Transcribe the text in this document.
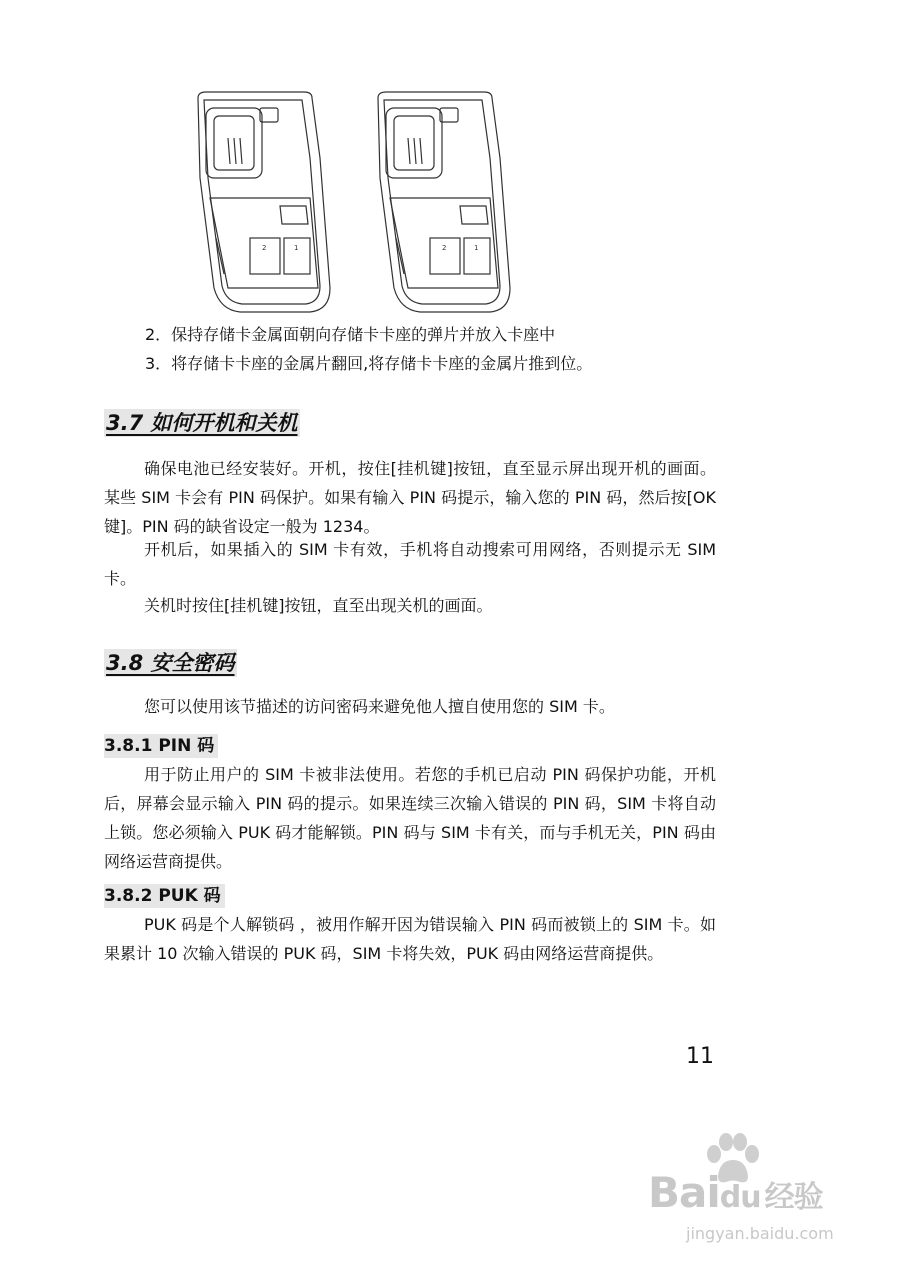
2	1	2	1
2．保持存储卡金属面朝向存储卡卡座的弹片并放入卡座中
3．将存储卡卡座的金属片翻回,将存储卡卡座的金属片推到位。
3.7 如何开机和关机

确保电池已经安装好。开机，按住[挂机键]按钮，直至显示屏出现开机的画面。某些 SIM 卡会有 PIN 码保护。如果有输入 PIN 码提示，输入您的 PIN 码，然后按[OK 键]。PIN 码的缺省设定一般为 1234。

开机后，如果插入的 SIM 卡有效，手机将自动搜索可用网络，否则提示无 SIM 卡。

关机时按住[挂机键]按钮，直至出现关机的画面。

3.8 安全密码

您可以使用该节描述的访问密码来避免他人擅自使用您的 SIM 卡。

3.8.1 PIN 码

用于防止用户的 SIM 卡被非法使用。若您的手机已启动 PIN 码保护功能，开机后，屏幕会显示输入 PIN 码的提示。如果连续三次输入错误的 PIN 码，SIM 卡将自动上锁。您必须输入 PUK 码才能解锁。PIN 码与 SIM 卡有关，而与手机无关，PIN 码由网络运营商提供。

3.8.2 PUK 码

PUK 码是个人解锁码 ，被用作解开因为错误输入 PIN 码而被锁上的 SIM 卡。如果累计 10 次输入错误的 PUK 码，SIM 卡将失效，PUK 码由网络运营商提供。

11
Baidu 经验
jingyan.baidu.com
